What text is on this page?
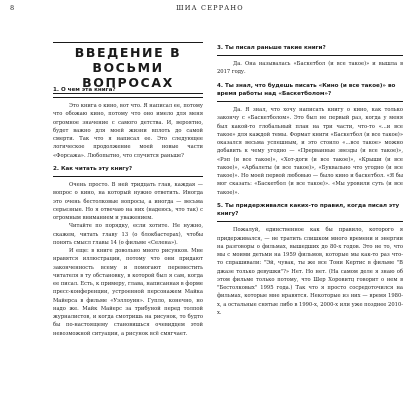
8	ШИА СЕРРАНО
ВВЕДЕНИЕ В ВОСЬМИ
ВОПРОСАХ

1. О чем эта книга?

Это книга о кино, вот что. Я написал ее, потому что обожаю кино, потому что оно имело для меня огромное значение с самого детства. И, вероятно, будет важно для моей жизни вплоть до самой смерти. Так что я написал ее. Это следующее логическое продолжение моей новые части «Форсажа». Любопытно, что случится раньше?

2. Как читать эту книгу?

Очень просто. В ней тридцать глав, каждая — вопрос о кино, на который нужно ответить. Иногда это очень бестолковые вопросы, а иногда — весьма серьезные. Но я отвечаю на них (надеюсь, что так) с огромным вниманием и уважением.

Читайте по порядку, если хотите. Не нужно, скажем, читать главу 13 (о блокбастерах), чтобы понять смысл главы 14 (о фильме «Селена»).

И еще: в книге довольно много рисунков. Мне нравятся иллюстрации, потому что они придают законченность всему и помогают переместить читателя в ту обстановку, в которой был я сам, когда ее писал. Есть, к примеру, глава, написанная в форме пресс-конференции, устроенной персонажем Майка Майерса в фильме «Уэллоуин». Гупло, конечно, но надо же. Майк Майерс за трибуной перед толпой журналистов, и когда смотришь на рисунок, то будто бы по-настоящему становишься очевидцем этой невозможной ситуации, а рисунок всё смягчает.

3. Ты писал раньше такие книги?

Да. Она называлась «Баскетбол (и все такое)» и вышла в 2017 году.

4. Ты знал, что будешь писать «Кино (и все такое)» во время работы над «Баскетболом»?

Да. Я знал, что хочу написать книгу о кино, как только закончу с «Баскетболом». Это был не первый раз, когда у меня был какой-то глобальный план на три части, что-то «...и все такое» для каждой темы. Формат книги «Баскетбол (и все такое)» оказался весьма успешным, и это стоило «...все такое» можно добавить к чему угодно — «Прерванные звезды (и все такое)», «Рэп (и все такое)», «Хот-доги (и все такое)», «Крыши (и все такое)», «Арбалеты (и все такое)», «Буквально что угодно (и все такое)». Но моей первой любовью — было кино и баскетбол. «Я бы мог сказать: «Баскетбол (и все такое)». «Мы уровили суть (и все такое)».

5. Ты придерживался каких-то правил, когда писал эту книгу?

Пожалуй, единственное как бы правило, которого я придерживался, — не тратить слишком много времени и энергии на разговоры о фильмах, вышедших до 80-х годов. Это не то, что мы с моими детьми на 1959 фильмов, которые мы как-то раз что-то спрашивали: "Эй, чувак, ты же все Тони Кертис в фильме "В джазе только девушки"?» Нет. Но нет. (На самом деле я знаю об этом фильме только потому, что Шер Хоровитц говорит о нем в "Бестолковых" 1995 года.) Так что я просто сосредоточился на фильмах, которые мне нравятся. Некоторые из них — время 1980-х, а остальные снятые либо в 1990-х, 2000-х или уже позднее 2010-х.
